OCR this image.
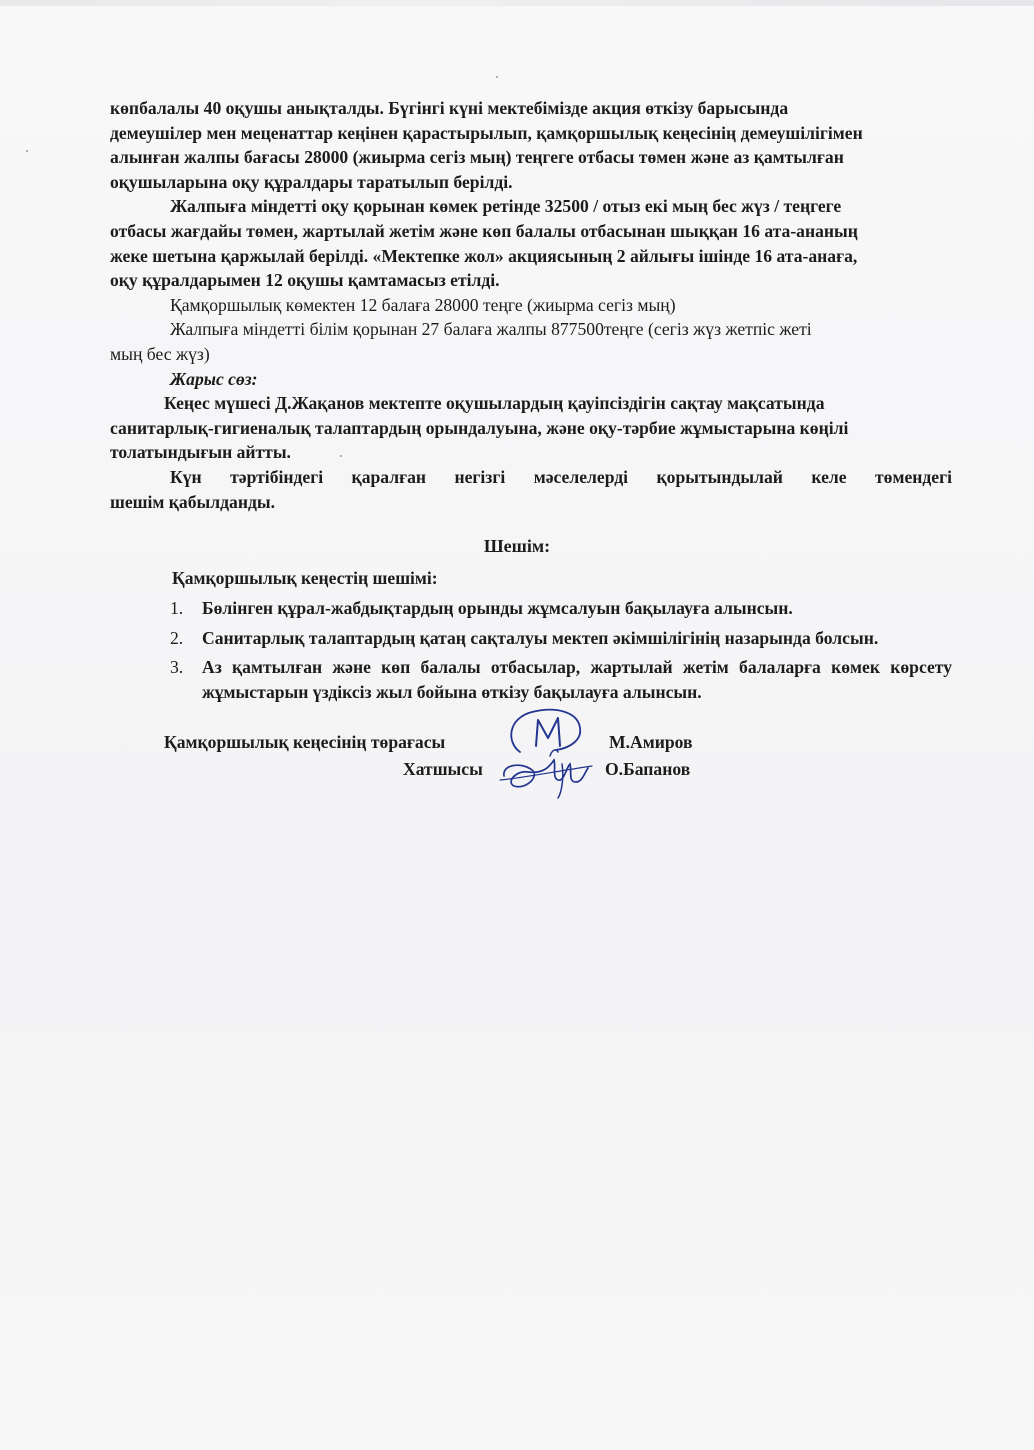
көпбалалы 40 оқушы анықталды. Бүгінгі күні мектебімізде акция өткізу барысында
демеушілер мен меценаттар кеңінен қарастырылып, қамқоршылық кеңесінің демеушілігімен
алынған жалпы бағасы 28000 (жиырма сегіз мың) теңгеге отбасы төмен және аз қамтылған
оқушыларына оқу құралдары таратылып берілді.

Жалпыға міндетті оқу қорынан көмек ретінде 32500 / отыз екі мың бес жүз / теңгеге
отбасы жағдайы төмен, жартылай жетім және көп балалы отбасынан шыққан 16 ата-ананың
жеке шетына қаржылай берілді. «Мектепке жол» акциясының 2 айлығы ішінде 16 ата-анаға,
оқу құралдарымен 12 оқушы қамтамасыз етілді.

Қамқоршылық көмектен 12 балаға 28000 теңге (жиырма сегіз мың)

Жалпыға міндетті білім қорынан 27 балаға жалпы 877500теңге (сегіз жүз жетпіс жеті
мың бес жүз)

Жарыс сөз:

Кеңес мүшесі Д.Жақанов мектепте оқушылардың қауіпсіздігін сақтау мақсатында
санитарлық-гигиеналық талаптардың орындалуына, және оқу-тәрбие жұмыстарына көңілі
толатындығын айтты.

Күн тәртібіндегі қаралған негізгі мәселелерді қорытындылай келе төмендегі
шешім қабылданды.

Шешім:
Қамқоршылық кеңестің шешімі:
1. Бөлінген құрал-жабдықтардың орынды жұмсалуын бақылауға алынсын.
2. Санитарлық талаптардың қатаң сақталуы мектеп әкімшілігінің назарында болсын.
3. Аз қамтылған және көп балалы отбасылар, жартылай жетім балаларға көмек көрсету жұмыстарын үздіксіз жыл бойына өткізу бақылауға алынсын.
Қамқоршылық кеңесінің төрағасы	М.Амиров
Хатшысы	О.Бапанов
